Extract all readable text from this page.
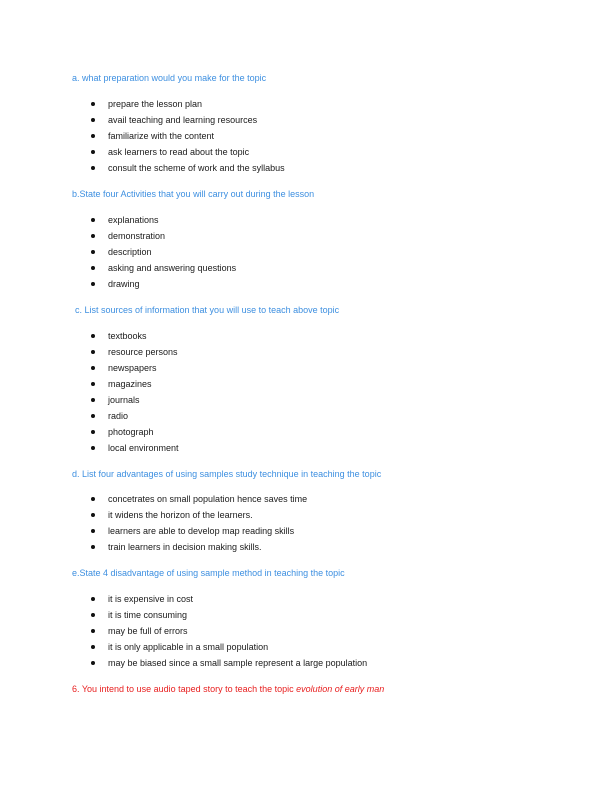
a. what preparation would you make for the topic
prepare the lesson plan
avail teaching and learning resources
familiarize with the content
ask learners to read about the topic
consult the scheme of work and the syllabus
b.State four Activities that you will carry out during the lesson
explanations
demonstration
description
asking and answering questions
drawing
c. List sources of information that you will use to teach above topic
textbooks
resource persons
newspapers
magazines
journals
radio
photograph
local environment
d. List four advantages of using samples study technique in teaching the topic
concetrates on small population hence saves time
it widens the horizon of the learners.
learners are able to develop map reading skills
train learners in decision making skills.
e.State 4 disadvantage of using sample method in teaching the topic
it is expensive in cost
it is time consuming
may be full of errors
it is only applicable in a small population
may be biased since a small sample represent a large population
6. You intend to use audio taped story to teach the topic evolution of early man
